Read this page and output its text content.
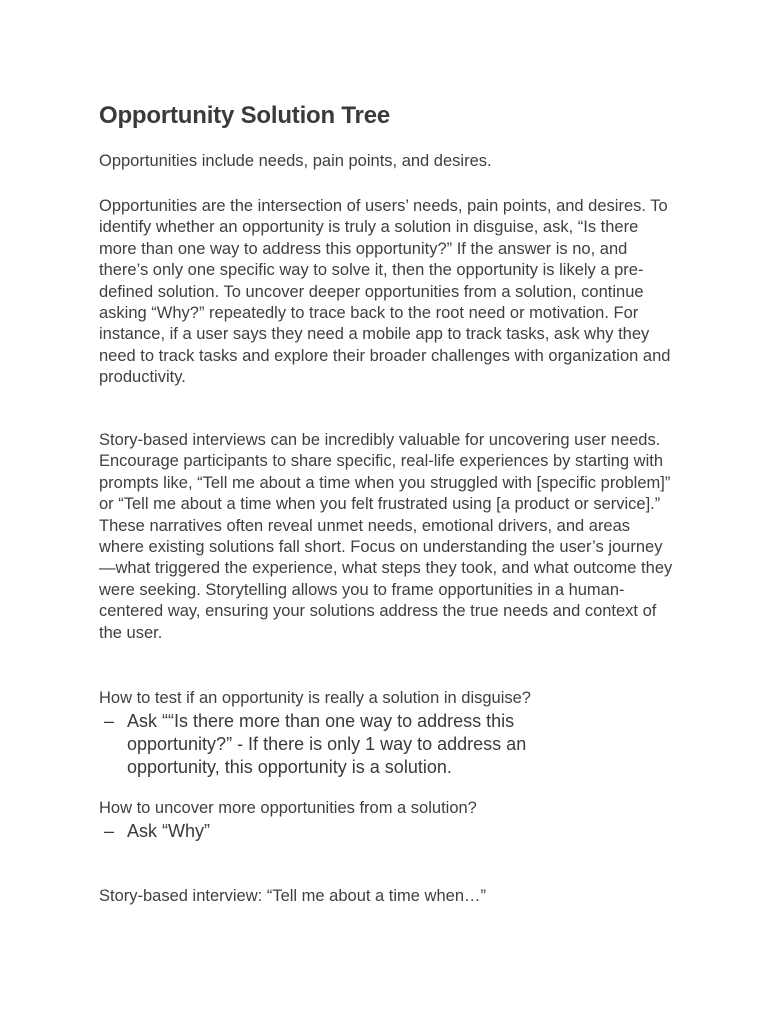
Opportunity Solution Tree

Opportunities include needs, pain points, and desires.

Opportunities are the intersection of users’ needs, pain points, and desires. To identify whether an opportunity is truly a solution in disguise, ask, “Is there more than one way to address this opportunity?” If the answer is no, and there’s only one specific way to solve it, then the opportunity is likely a pre-defined solution. To uncover deeper opportunities from a solution, continue asking “Why?” repeatedly to trace back to the root need or motivation. For instance, if a user says they need a mobile app to track tasks, ask why they need to track tasks and explore their broader challenges with organization and productivity.

Story-based interviews can be incredibly valuable for uncovering user needs. Encourage participants to share specific, real-life experiences by starting with prompts like, “Tell me about a time when you struggled with [specific problem]” or “Tell me about a time when you felt frustrated using [a product or service].” These narratives often reveal unmet needs, emotional drivers, and areas where existing solutions fall short. Focus on understanding the user’s journey—what triggered the experience, what steps they took, and what outcome they were seeking. Storytelling allows you to frame opportunities in a human-centered way, ensuring your solutions address the true needs and context of the user.

How to test if an opportunity is really a solution in disguise?

– Ask ““Is there more than one way to address this opportunity?” - If there is only 1 way to address an opportunity, this opportunity is a solution.

How to uncover more opportunities from a solution?

– Ask “Why”

Story-based interview: “Tell me about a time when…”
